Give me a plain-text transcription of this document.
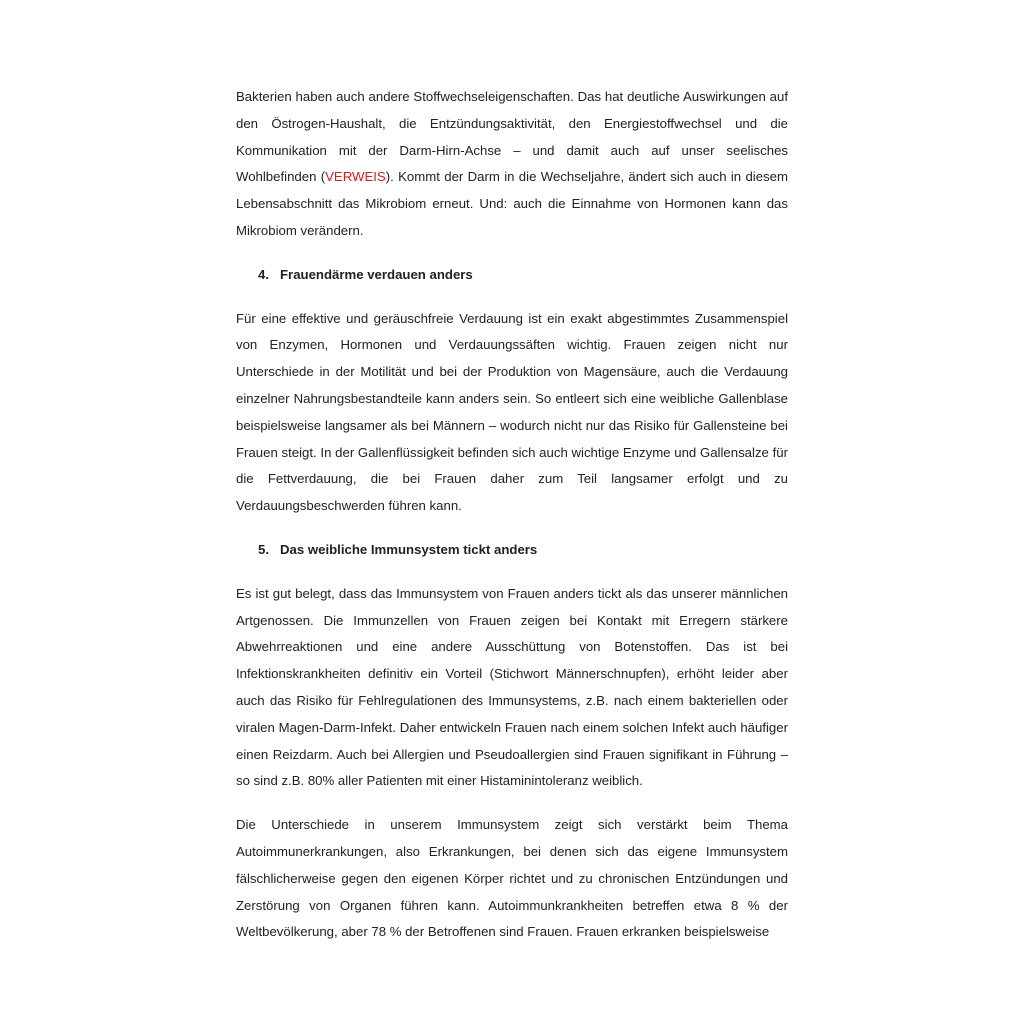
Bakterien haben auch andere Stoffwechseleigenschaften. Das hat deutliche Auswirkungen auf den Östrogen-Haushalt, die Entzündungsaktivität, den Energiestoffwechsel und die Kommunikation mit der Darm-Hirn-Achse – und damit auch auf unser seelisches Wohlbefinden (VERWEIS). Kommt der Darm in die Wechseljahre, ändert sich auch in diesem Lebensabschnitt das Mikrobiom erneut. Und: auch die Einnahme von Hormonen kann das Mikrobiom verändern.

4. Frauendärme verdauen anders

Für eine effektive und geräuschfreie Verdauung ist ein exakt abgestimmtes Zusammenspiel von Enzymen, Hormonen und Verdauungssäften wichtig. Frauen zeigen nicht nur Unterschiede in der Motilität und bei der Produktion von Magensäure, auch die Verdauung einzelner Nahrungsbestandteile kann anders sein. So entleert sich eine weibliche Gallenblase beispielsweise langsamer als bei Männern – wodurch nicht nur das Risiko für Gallensteine bei Frauen steigt. In der Gallenflüssigkeit befinden sich auch wichtige Enzyme und Gallensalze für die Fettverdauung, die bei Frauen daher zum Teil langsamer erfolgt und zu Verdauungsbeschwerden führen kann.

5. Das weibliche Immunsystem tickt anders

Es ist gut belegt, dass das Immunsystem von Frauen anders tickt als das unserer männlichen Artgenossen. Die Immunzellen von Frauen zeigen bei Kontakt mit Erregern stärkere Abwehrreaktionen und eine andere Ausschüttung von Botenstoffen. Das ist bei Infektionskrankheiten definitiv ein Vorteil (Stichwort Männerschnupfen), erhöht leider aber auch das Risiko für Fehlregulationen des Immunsystems, z.B. nach einem bakteriellen oder viralen Magen-Darm-Infekt. Daher entwickeln Frauen nach einem solchen Infekt auch häufiger einen Reizdarm. Auch bei Allergien und Pseudoallergien sind Frauen signifikant in Führung – so sind z.B. 80% aller Patienten mit einer Histaminintoleranz weiblich.

Die Unterschiede in unserem Immunsystem zeigt sich verstärkt beim Thema Autoimmunerkrankungen, also Erkrankungen, bei denen sich das eigene Immunsystem fälschlicherweise gegen den eigenen Körper richtet und zu chronischen Entzündungen und Zerstörung von Organen führen kann. Autoimmunkrankheiten betreffen etwa 8 % der Weltbevölkerung, aber 78 % der Betroffenen sind Frauen. Frauen erkranken beispielsweise
